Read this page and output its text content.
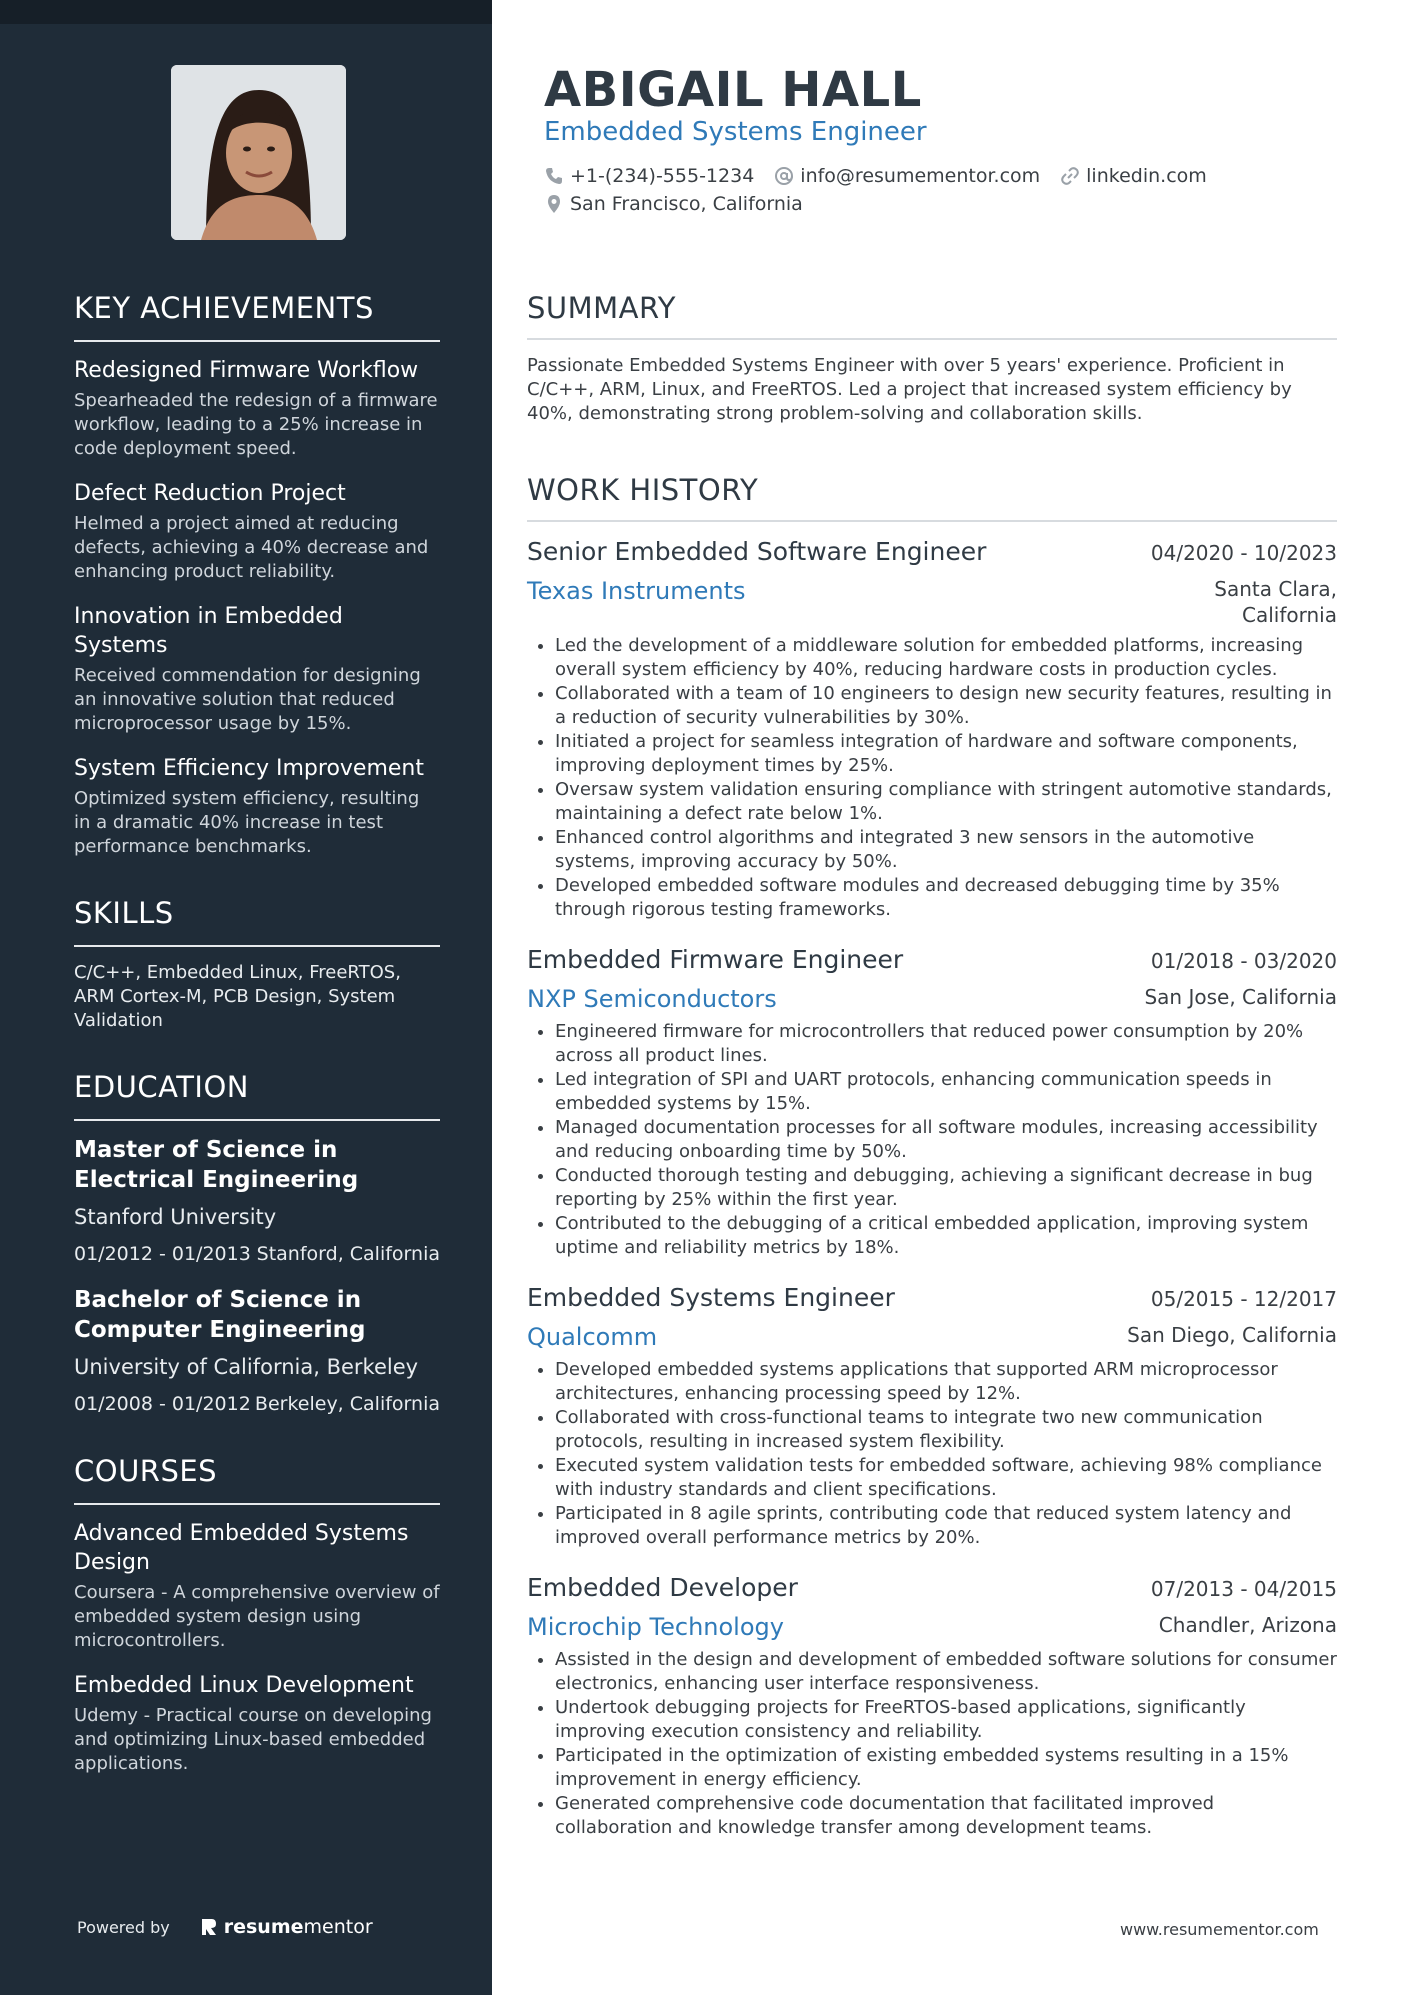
KEY ACHIEVEMENTS
Redesigned Firmware Workflow
Spearheaded the redesign of a firmware workflow, leading to a 25% increase in code deployment speed.
Defect Reduction Project
Helmed a project aimed at reducing defects, achieving a 40% decrease and enhancing product reliability.
Innovation in Embedded Systems
Received commendation for designing an innovative solution that reduced microprocessor usage by 15%.
System Efficiency Improvement
Optimized system efficiency, resulting in a dramatic 40% increase in test performance benchmarks.
SKILLS
C/C++, Embedded Linux, FreeRTOS, ARM Cortex-M, PCB Design, System Validation
EDUCATION
Master of Science in Electrical Engineering
Stanford University
01/2012 - 01/2013 Stanford, California
Bachelor of Science in Computer Engineering
University of California, Berkeley
01/2008 - 01/2012 Berkeley, California
COURSES
Advanced Embedded Systems Design
Coursera - A comprehensive overview of embedded system design using microcontrollers.
Embedded Linux Development
Udemy - Practical course on developing and optimizing Linux-based embedded applications.
Powered by	resume mentor
ABIGAIL HALL
Embedded Systems Engineer
+1-(234)-555-1234 info@resumementor.com linkedin.com
San Francisco, California
SUMMARY

Passionate Embedded Systems Engineer with over 5 years' experience. Proficient in C/C++, ARM, Linux, and FreeRTOS. Led a project that increased system efficiency by 40%, demonstrating strong problem-solving and collaboration skills.

WORK HISTORY
Senior Embedded Software Engineer	04/2020 - 10/2023
Texas Instruments	Santa Clara, California
• Led the development of a middleware solution for embedded platforms, increasing overall system efficiency by 40%, reducing hardware costs in production cycles.
• Collaborated with a team of 10 engineers to design new security features, resulting in a reduction of security vulnerabilities by 30%.
• Initiated a project for seamless integration of hardware and software components, improving deployment times by 25%.
• Oversaw system validation ensuring compliance with stringent automotive standards, maintaining a defect rate below 1%.
• Enhanced control algorithms and integrated 3 new sensors in the automotive systems, improving accuracy by 50%.
• Developed embedded software modules and decreased debugging time by 35% through rigorous testing frameworks.
Embedded Firmware Engineer	01/2018 - 03/2020
NXP Semiconductors	San Jose, California
• Engineered firmware for microcontrollers that reduced power consumption by 20% across all product lines.
• Led integration of SPI and UART protocols, enhancing communication speeds in embedded systems by 15%.
• Managed documentation processes for all software modules, increasing accessibility and reducing onboarding time by 50%.
• Conducted thorough testing and debugging, achieving a significant decrease in bug reporting by 25% within the first year.
• Contributed to the debugging of a critical embedded application, improving system uptime and reliability metrics by 18%.
Embedded Systems Engineer	05/2015 - 12/2017
Qualcomm	San Diego, California
• Developed embedded systems applications that supported ARM microprocessor architectures, enhancing processing speed by 12%.
• Collaborated with cross-functional teams to integrate two new communication protocols, resulting in increased system flexibility.
• Executed system validation tests for embedded software, achieving 98% compliance with industry standards and client specifications.
• Participated in 8 agile sprints, contributing code that reduced system latency and improved overall performance metrics by 20%.
Embedded Developer	07/2013 - 04/2015
Microchip Technology	Chandler, Arizona
• Assisted in the design and development of embedded software solutions for consumer electronics, enhancing user interface responsiveness.
• Undertook debugging projects for FreeRTOS-based applications, significantly improving execution consistency and reliability.
• Participated in the optimization of existing embedded systems resulting in a 15% improvement in energy efficiency.
• Generated comprehensive code documentation that facilitated improved collaboration and knowledge transfer among development teams.
www.resumementor.com
